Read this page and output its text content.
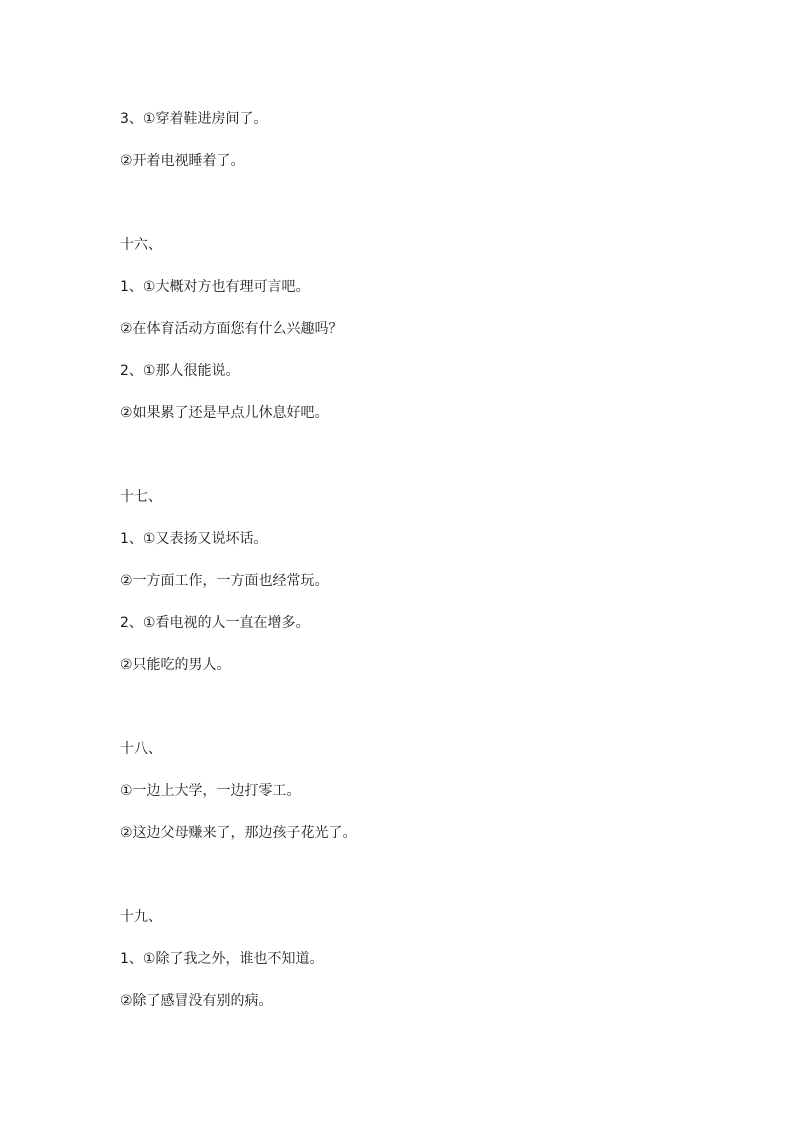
3、①穿着鞋进房间了。
②开着电视睡着了。
十六、
1、①大概对方也有理可言吧。
②在体育活动方面您有什么兴趣吗？
2、①那人很能说。
②如果累了还是早点儿休息好吧。
十七、
1、①又表扬又说坏话。
②一方面工作，一方面也经常玩。
2、①看电视的人一直在增多。
②只能吃的男人。
十八、
①一边上大学，一边打零工。
②这边父母赚来了，那边孩子花光了。
十九、
1、①除了我之外，谁也不知道。
②除了感冒没有别的病。
